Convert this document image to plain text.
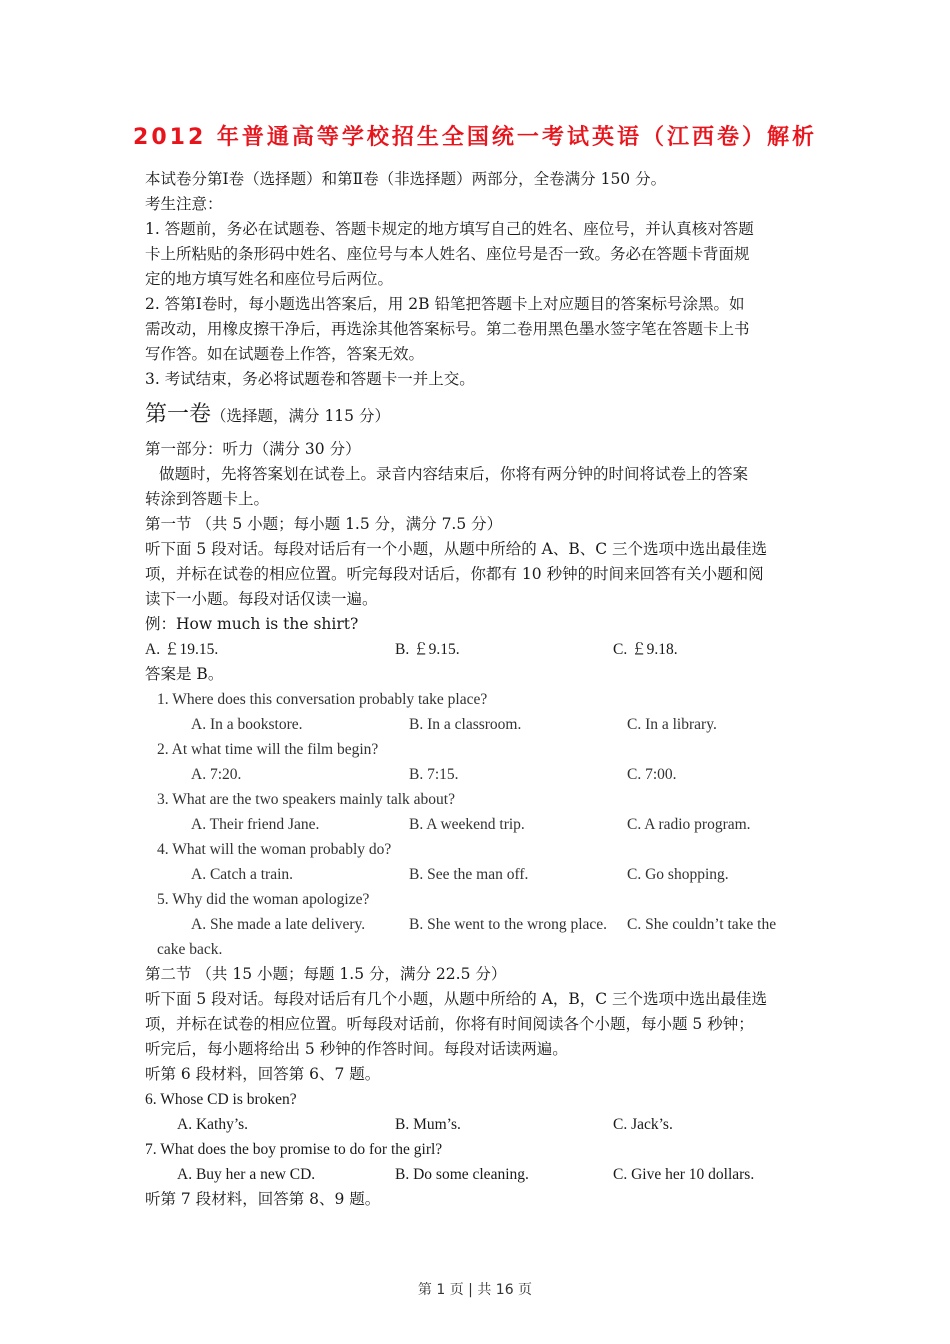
2012 年普通高等学校招生全国统一考试英语（江西卷）解析
本试卷分第Ⅰ卷（选择题）和第Ⅱ卷（非选择题）两部分，全卷满分 150 分。
考生注意：
1. 答题前，务必在试题卷、答题卡规定的地方填写自己的姓名、座位号，并认真核对答题
卡上所粘贴的条形码中姓名、座位号与本人姓名、座位号是否一致。务必在答题卡背面规
定的地方填写姓名和座位号后两位。
2. 答第Ⅰ卷时，每小题选出答案后，用 2B 铅笔把答题卡上对应题目的答案标号涂黑。如
需改动，用橡皮擦干净后，再选涂其他答案标号。第二卷用黑色墨水签字笔在答题卡上书
写作答。如在试题卷上作答，答案无效。
3. 考试结束，务必将试题卷和答题卡一并上交。
第一卷（选择题，满分 115 分）
第一部分：听力（满分 30 分）
做题时，先将答案划在试卷上。录音内容结束后，你将有两分钟的时间将试卷上的答案
转涂到答题卡上。
第一节 （共 5 小题；每小题 1.5 分，满分 7.5 分）
听下面 5 段对话。每段对话后有一个小题，从题中所给的 A、B、C 三个选项中选出最佳选
项，并标在试卷的相应位置。听完每段对话后，你都有 10 秒钟的时间来回答有关小题和阅
读下一小题。每段对话仅读一遍。
例：How much is the shirt?
A. ￡19.15.	B. ￡9.15.	C. ￡9.18.
答案是 B。
1. Where does this conversation probably take place?
A. In a bookstore.	B. In a classroom.	C. In a library.
2. At what time will the film begin?
A. 7:20.	B. 7:15.	C. 7:00.
3. What are the two speakers mainly talk about?
A. Their friend Jane.	B. A weekend trip.	C. A radio program.
4. What will the woman probably do?
A. Catch a train.	B. See the man off.	C. Go shopping.
5. Why did the woman apologize?
A. She made a late delivery.	B. She went to the wrong place.	C. She couldn’t take the
cake back.
第二节 （共 15 小题；每题 1.5 分，满分 22.5 分）
听下面 5 段对话。每段对话后有几个小题，从题中所给的 A，B，C 三个选项中选出最佳选
项，并标在试卷的相应位置。听每段对话前，你将有时间阅读各个小题，每小题 5 秒钟；
听完后，每小题将给出 5 秒钟的作答时间。每段对话读两遍。
听第 6 段材料，回答第 6、7 题。
6. Whose CD is broken?
A. Kathy’s.	B. Mum’s.	C. Jack’s.
7. What does the boy promise to do for the girl?
A. Buy her a new CD.	B. Do some cleaning.	C. Give her 10 dollars.
听第 7 段材料，回答第 8、9 题。
第 1 页 | 共 16 页
